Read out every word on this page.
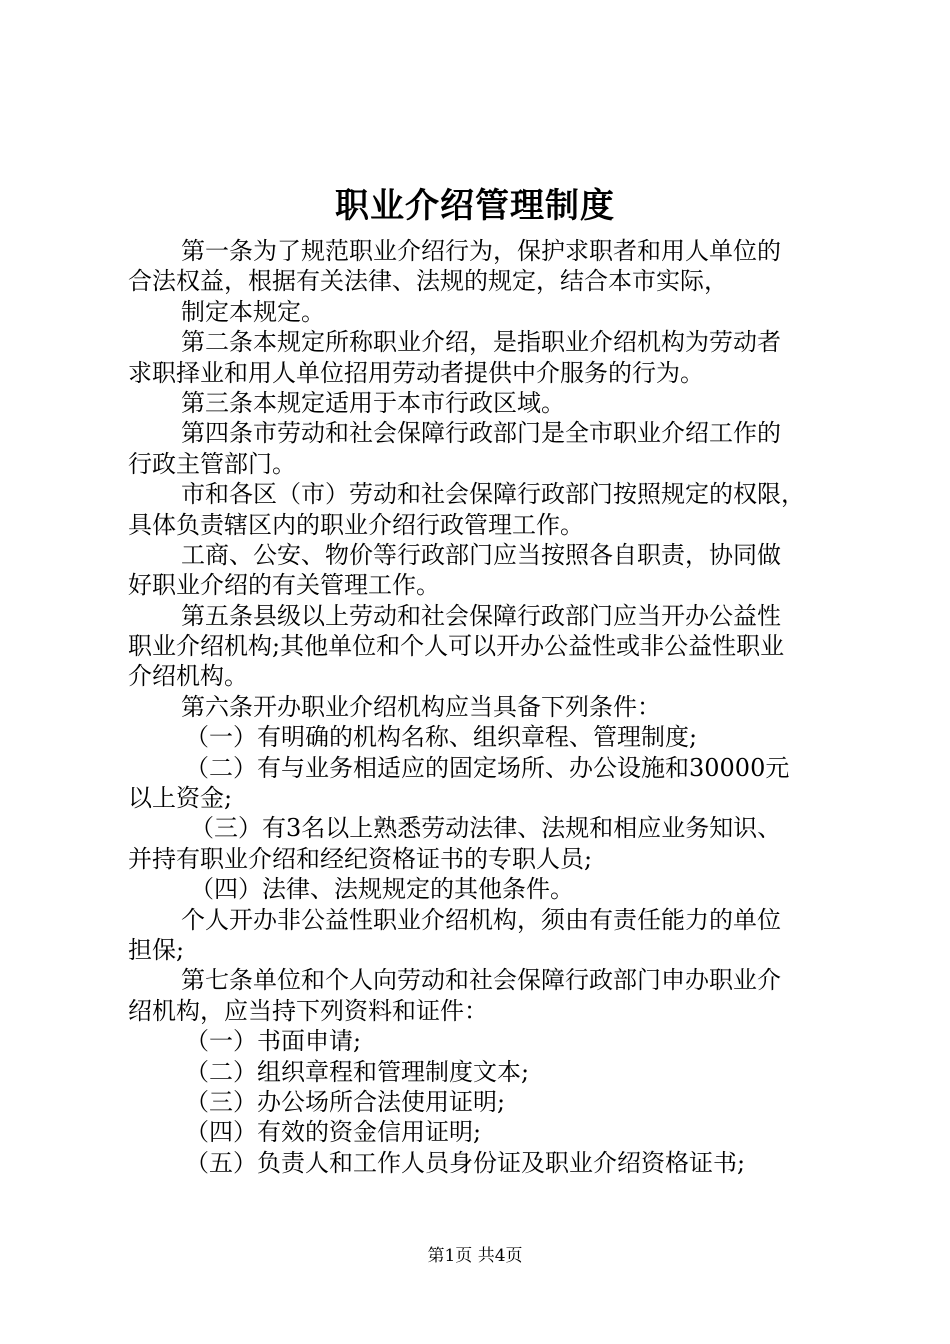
职业介绍管理制度
第一条为了规范职业介绍行为，保护求职者和用人单位的
合法权益，根据有关法律、法规的规定，结合本市实际，
制定本规定。
第二条本规定所称职业介绍，是指职业介绍机构为劳动者
求职择业和用人单位招用劳动者提供中介服务的行为。
第三条本规定适用于本市行政区域。
第四条市劳动和社会保障行政部门是全市职业介绍工作的
行政主管部门。
市和各区（市）劳动和社会保障行政部门按照规定的权限，
具体负责辖区内的职业介绍行政管理工作。
工商、公安、物价等行政部门应当按照各自职责，协同做
好职业介绍的有关管理工作。
第五条县级以上劳动和社会保障行政部门应当开办公益性
职业介绍机构;其他单位和个人可以开办公益性或非公益性职业
介绍机构。
第六条开办职业介绍机构应当具备下列条件：
（一）有明确的机构名称、组织章程、管理制度;
（二）有与业务相适应的固定场所、办公设施和30000元
以上资金;
（三）有3名以上熟悉劳动法律、法规和相应业务知识、
并持有职业介绍和经纪资格证书的专职人员;
（四）法律、法规规定的其他条件。
个人开办非公益性职业介绍机构，须由有责任能力的单位
担保;
第七条单位和个人向劳动和社会保障行政部门申办职业介
绍机构，应当持下列资料和证件：
（一）书面申请;
（二）组织章程和管理制度文本;
（三）办公场所合法使用证明;
（四）有效的资金信用证明;
（五）负责人和工作人员身份证及职业介绍资格证书;
第1页 共4页
